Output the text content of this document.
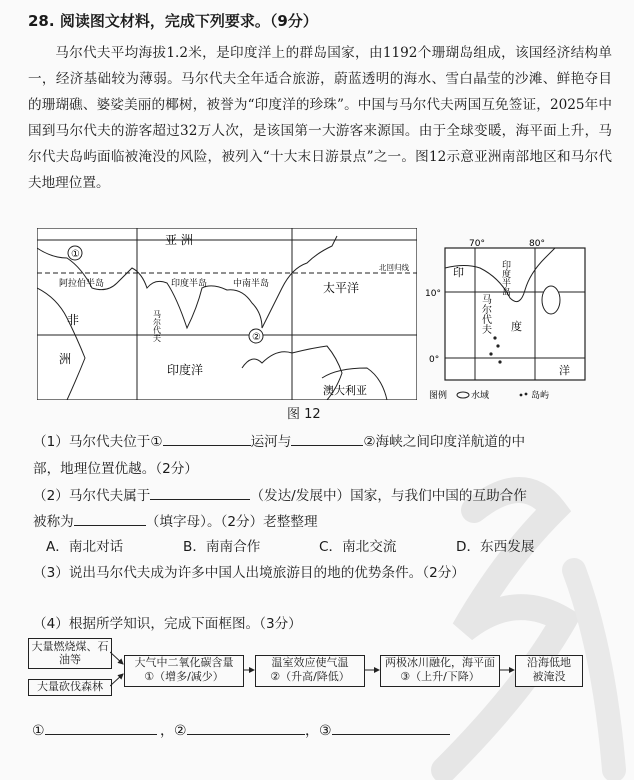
28. 阅读图文材料，完成下列要求。（9分）
马尔代夫平均海拔1.2米，是印度洋上的群岛国家，由1192个珊瑚岛组成，该国经济结构单一，经济基础较为薄弱。马尔代夫全年适合旅游，蔚蓝透明的海水、雪白晶莹的沙滩、鲜艳夺目的珊瑚礁、婆娑美丽的椰树，被誉为“印度洋的珍珠”。中国与马尔代夫两国互免签证，2025年中国到马尔代夫的游客超过32万人次，是该国第一大游客来源国。由于全球变暖，海平面上升，马尔代夫岛屿面临被淹没的风险，被列入“十大末日游景点”之一。图12示意亚洲南部地区和马尔代夫地理位置。
①
②
亚 洲
阿拉伯半岛	印度半岛	中南半岛
北回归线
太平洋
非
洲
印度洋
澳大利亚
马尔代夫
70°	80°
10°
0°
印	印度半岛
马尔代夫 度
洋
图例	水域	岛屿
图 12
（1）马尔代夫位于①	运河与	②海峡之间印度洋航道的中
部，地理位置优越。（2分）
（2）马尔代夫属于	（发达/发展中）国家，与我们中国的互助合作
被称为	（填字母）。（2分）老整整理
A．南北对话	B．南南合作	C．南北交流	D．东西发展
（3）说出马尔代夫成为许多中国人出境旅游目的地的优势条件。（2分）
（4）根据所学知识，完成下面框图。（3分）
大量燃烧煤、石油等
大量砍伐森林
大气中二氧化碳含量
①（增多/减少）
温室效应使气温
②（升高/降低）
两极冰川融化，海平面
③（上升/下降）
沿海低地
被淹没
①	，②	，③
